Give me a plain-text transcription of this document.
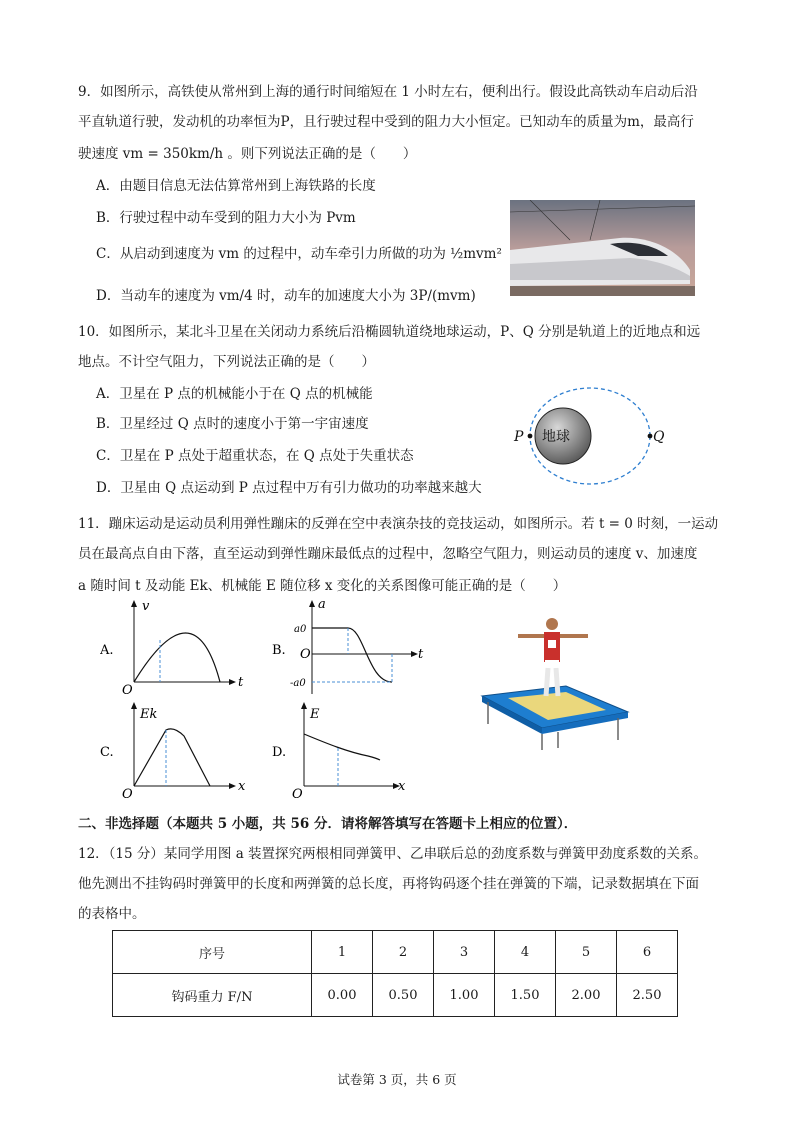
9．如图所示，高铁使从常州到上海的通行时间缩短在 1 小时左右，便利出行。假设此高铁动车启动后沿
平直轨道行驶，发动机的功率恒为P，且行驶过程中受到的阻力大小恒定。已知动车的质量为m，最高行
驶速度 vm = 350km/h 。则下列说法正确的是（　　）
A．由题目信息无法估算常州到上海铁路的长度
B．行驶过程中动车受到的阻力大小为 Pvm
C．从启动到速度为 vm 的过程中，动车牵引力所做的功为 ½mvm²
D．当动车的速度为 vm/4 时，动车的加速度大小为 3P/(mvm)
10．如图所示，某北斗卫星在关闭动力系统后沿椭圆轨道绕地球运动，P、Q 分别是轨道上的近地点和远
地点。不计空气阻力，下列说法正确的是（　　）
A．卫星在 P 点的机械能小于在 Q 点的机械能
B．卫星经过 Q 点时的速度小于第一宇宙速度
C．卫星在 P 点处于超重状态，在 Q 点处于失重状态
D．卫星由 Q 点运动到 P 点过程中万有引力做功的功率越来越大
地球
P	Q
11．蹦床运动是运动员利用弹性蹦床的反弹在空中表演杂技的竞技运动，如图所示。若 t = 0 时刻，一运动
员在最高点自由下落，直至运动到弹性蹦床最低点的过程中，忽略空气阻力，则运动员的速度 v、加速度
a 随时间 t 及动能 Ek、机械能 E 随位移 x 变化的关系图像可能正确的是（　　）
A.
v
t
O
B.
a
t
O
a0
-a0
C.
Ek
x
O
D.
E
x
O
二、非选择题（本题共 5 小题，共 56 分．请将解答填写在答题卡上相应的位置）．
12．（15 分）某同学用图 a 装置探究两根相同弹簧甲、乙串联后总的劲度系数与弹簧甲劲度系数的关系。
他先测出不挂钩码时弹簧甲的长度和两弹簧的总长度，再将钩码逐个挂在弹簧的下端，记录数据填在下面
的表格中。
序号	1	2	3	4	5	6
钩码重力 F/N	0.00	0.50	1.00	1.50	2.00	2.50
试卷第 3 页，共 6 页
